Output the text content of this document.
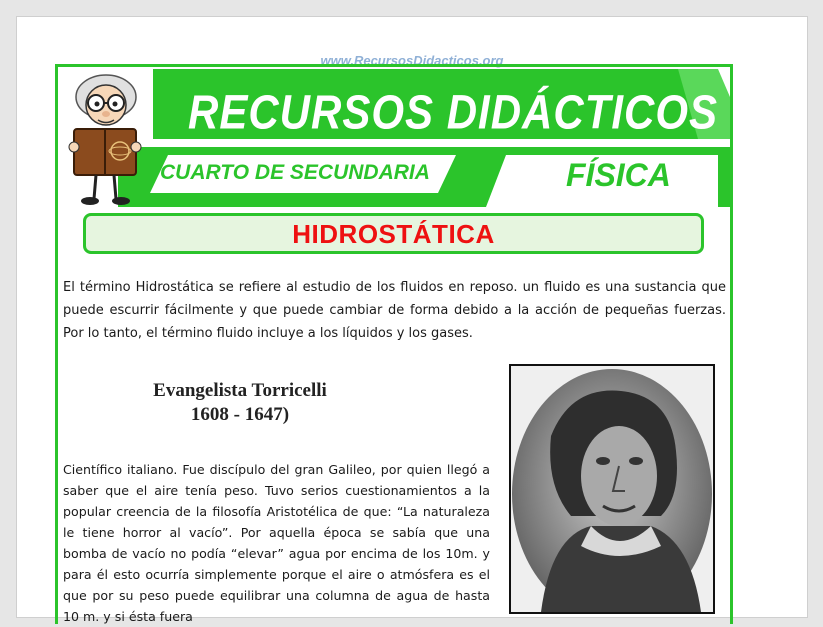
www.RecursosDidacticos.org
RECURSOS DIDÁCTICOS
CUARTO DE SECUNDARIA	FÍSICA
HIDROSTÁTICA
El término Hidrostática se refiere al estudio de los fluidos en reposo. un fluido es una sustancia que puede escurrir fácilmente y que puede cambiar de forma debido a la acción de pequeñas fuerzas. Por lo tanto, el término fluido incluye a los líquidos y los gases.
Evangelista Torricelli
1608 - 1647)
Científico italiano. Fue discípulo del gran Galileo, por quien llegó a saber que el aire tenía peso. Tuvo serios cuestionamientos a la popular creencia de la filosofía Aristotélica de que: “La naturaleza le tiene horror al vacío”. Por aquella época se sabía que una bomba de vacío no podía “elevar” agua por encima de los 10m. y para él esto ocurría simplemente porque el aire o atmósfera es el que por su peso puede equilibrar una columna de agua de hasta 10 m. y si ésta fuera
